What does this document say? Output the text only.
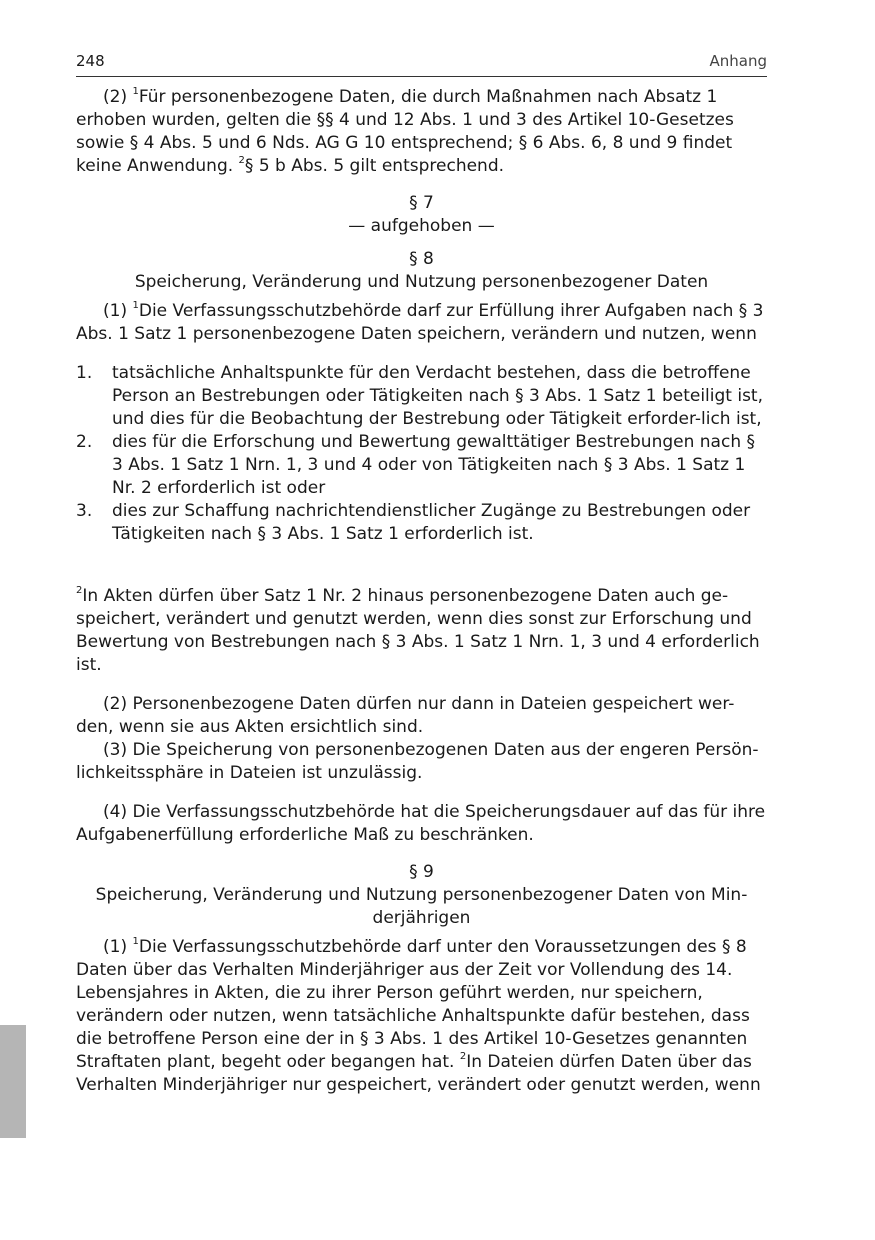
248	Anhang

(2) $^1$Für personenbezogene Daten, die durch Maßnahmen nach Absatz 1 erhoben wurden, gelten die §§ 4 und 12 Abs. 1 und 3 des Artikel 10-Gesetzes sowie § 4 Abs. 5 und 6 Nds. AG G 10 entsprechend; § 6 Abs. 6, 8 und 9 findet keine Anwendung. $^2$§ 5 b Abs. 5 gilt entsprechend.

§ 7

— aufgehoben —

§ 8

Speicherung, Veränderung und Nutzung personenbezogener Daten

(1) $^1$Die Verfassungsschutzbehörde darf zur Erfüllung ihrer Aufgaben nach § 3 Abs. 1 Satz 1 personenbezogene Daten speichern, verändern und nutzen, wenn

1. tatsächliche Anhaltspunkte für den Verdacht bestehen, dass die betroffene Person an Bestrebungen oder Tätigkeiten nach § 3 Abs. 1 Satz 1 beteiligt ist, und dies für die Beobachtung der Bestrebung oder Tätigkeit erforder-lich ist,
2. dies für die Erforschung und Bewertung gewalttätiger Bestrebungen nach § 3 Abs. 1 Satz 1 Nrn. 1, 3 und 4 oder von Tätigkeiten nach § 3 Abs. 1 Satz 1 Nr. 2 erforderlich ist oder
3. dies zur Schaffung nachrichtendienstlicher Zugänge zu Bestrebungen oder Tätigkeiten nach § 3 Abs. 1 Satz 1 erforderlich ist.

$^2$In Akten dürfen über Satz 1 Nr. 2 hinaus personenbezogene Daten auch ge-speichert, verändert und genutzt werden, wenn dies sonst zur Erforschung und Bewertung von Bestrebungen nach § 3 Abs. 1 Satz 1 Nrn. 1, 3 und 4 erforderlich ist.

(2) Personenbezogene Daten dürfen nur dann in Dateien gespeichert wer-den, wenn sie aus Akten ersichtlich sind.

(3) Die Speicherung von personenbezogenen Daten aus der engeren Persön-lichkeitssphäre in Dateien ist unzulässig.

(4) Die Verfassungsschutzbehörde hat die Speicherungsdauer auf das für ihre Aufgabenerfüllung erforderliche Maß zu beschränken.

§ 9

Speicherung, Veränderung und Nutzung personenbezogener Daten von Min-derjährigen

(1) $^1$Die Verfassungsschutzbehörde darf unter den Voraussetzungen des § 8 Daten über das Verhalten Minderjähriger aus der Zeit vor Vollendung des 14. Lebensjahres in Akten, die zu ihrer Person geführt werden, nur speichern, verändern oder nutzen, wenn tatsächliche Anhaltspunkte dafür bestehen, dass die betroffene Person eine der in § 3 Abs. 1 des Artikel 10-Gesetzes genannten Straftaten plant, begeht oder begangen hat. $^2$In Dateien dürfen Daten über das Verhalten Minderjähriger nur gespeichert, verändert oder genutzt werden, wenn
